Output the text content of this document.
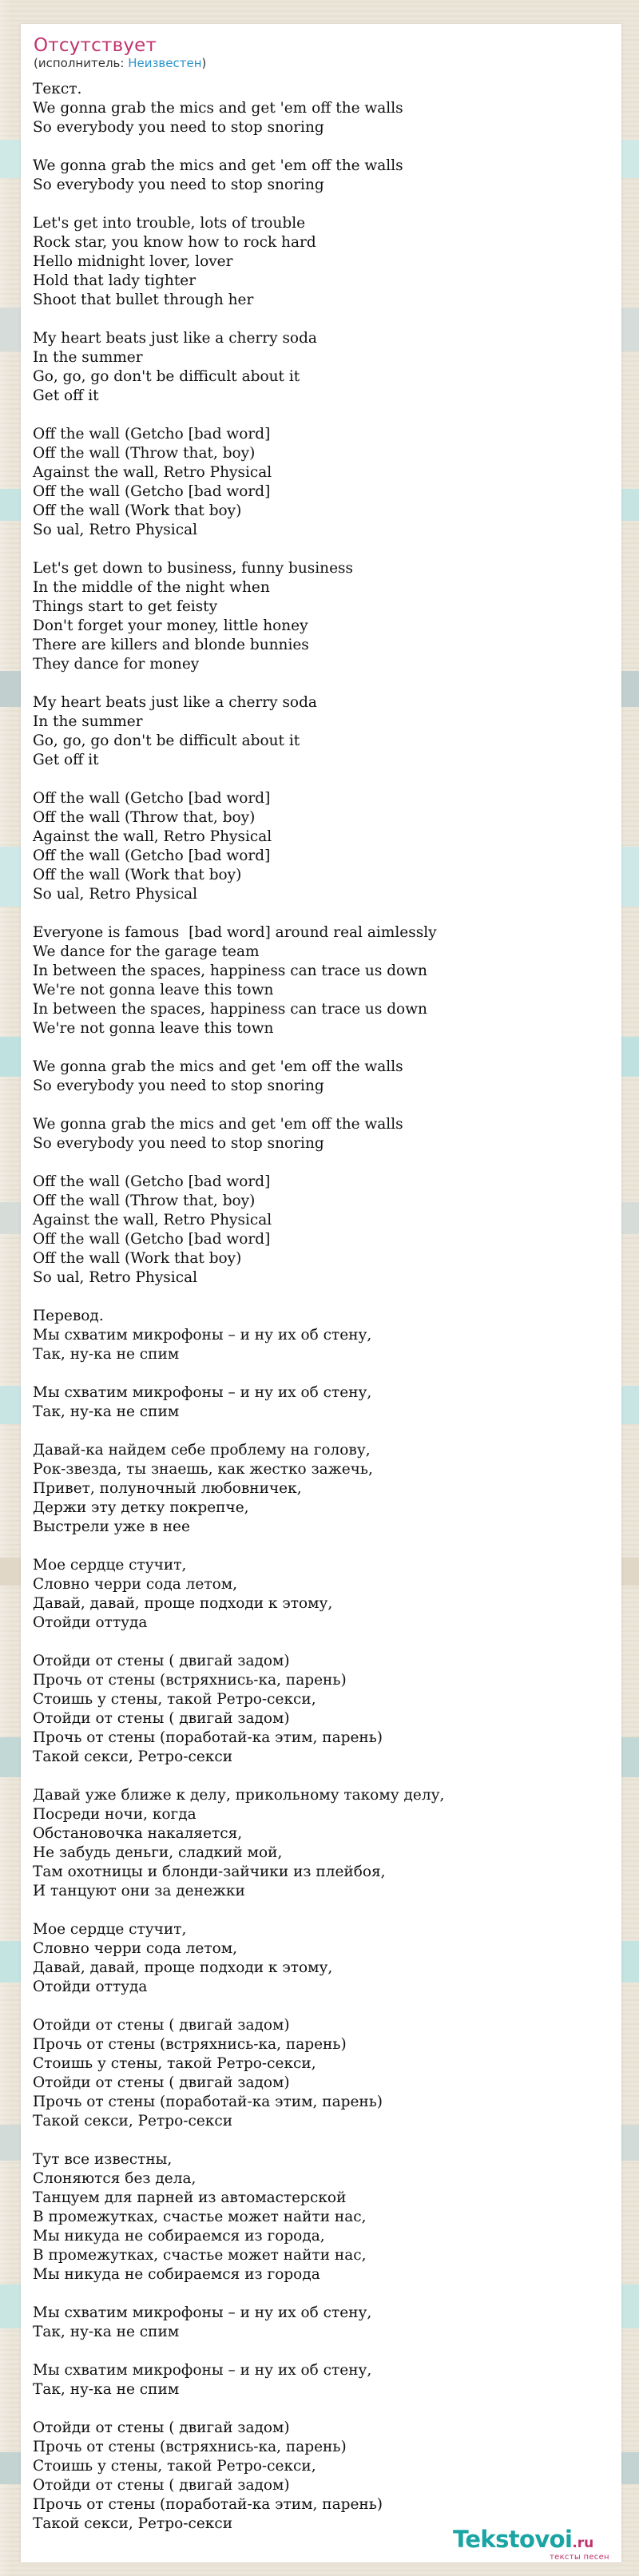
Отсутствует
(исполнитель: Неизвестен)
Текст.
We gonna grab the mics and get 'em off the walls
So everybody you need to stop snoring
We gonna grab the mics and get 'em off the walls
So everybody you need to stop snoring
Let's get into trouble, lots of trouble
Rock star, you know how to rock hard
Hello midnight lover, lover
Hold that lady tighter
Shoot that bullet through her
My heart beats just like a cherry soda
In the summer
Go, go, go don't be difficult about it
Get off it
Off the wall (Getcho [bad word]
Off the wall (Throw that, boy)
Against the wall, Retro Physical
Off the wall (Getcho [bad word]
Off the wall (Work that boy)
So ual, Retro Physical
Let's get down to business, funny business
In the middle of the night when
Things start to get feisty
Don't forget your money, little honey
There are killers and blonde bunnies
They dance for money
My heart beats just like a cherry soda
In the summer
Go, go, go don't be difficult about it
Get off it
Off the wall (Getcho [bad word]
Off the wall (Throw that, boy)
Against the wall, Retro Physical
Off the wall (Getcho [bad word]
Off the wall (Work that boy)
So ual, Retro Physical
Everyone is famous  [bad word] around real aimlessly
We dance for the garage team
In between the spaces, happiness can trace us down
We're not gonna leave this town
In between the spaces, happiness can trace us down
We're not gonna leave this town
We gonna grab the mics and get 'em off the walls
So everybody you need to stop snoring
We gonna grab the mics and get 'em off the walls
So everybody you need to stop snoring
Off the wall (Getcho [bad word]
Off the wall (Throw that, boy)
Against the wall, Retro Physical
Off the wall (Getcho [bad word]
Off the wall (Work that boy)
So ual, Retro Physical
Перевод.
Мы схватим микрофоны – и ну их об стену,
Так, ну-ка не спим
Мы схватим микрофоны – и ну их об стену,
Так, ну-ка не спим
Давай-ка найдем себе проблему на голову,
Рок-звезда, ты знаешь, как жестко зажечь,
Привет, полуночный любовничек,
Держи эту детку покрепче,
Выстрели уже в нее
Мое сердце стучит,
Словно черри сода летом,
Давай, давай, проще подходи к этому,
Отойди оттуда
Отойди от стены ( двигай задом)
Прочь от стены (встряхнись-ка, парень)
Стоишь у стены, такой Ретро-секси,
Отойди от стены ( двигай задом)
Прочь от стены (поработай-ка этим, парень)
Такой секси, Ретро-секси
Давай уже ближе к делу, прикольному такому делу,
Посреди ночи, когда
Обстановочка накаляется,
Не забудь деньги, сладкий мой,
Там охотницы и блонди-зайчики из плейбоя,
И танцуют они за денежки
Мое сердце стучит,
Словно черри сода летом,
Давай, давай, проще подходи к этому,
Отойди оттуда
Отойди от стены ( двигай задом)
Прочь от стены (встряхнись-ка, парень)
Стоишь у стены, такой Ретро-секси,
Отойди от стены ( двигай задом)
Прочь от стены (поработай-ка этим, парень)
Такой секси, Ретро-секси
Тут все известны,
Слоняются без дела,
Танцуем для парней из автомастерской
В промежутках, счастье может найти нас,
Мы никуда не собираемся из города,
В промежутках, счастье может найти нас,
Мы никуда не собираемся из города
Мы схватим микрофоны – и ну их об стену,
Так, ну-ка не спим
Мы схватим микрофоны – и ну их об стену,
Так, ну-ка не спим
Отойди от стены ( двигай задом)
Прочь от стены (встряхнись-ка, парень)
Стоишь у стены, такой Ретро-секси,
Отойди от стены ( двигай задом)
Прочь от стены (поработай-ка этим, парень)
Такой секси, Ретро-секси
Tekstovoi.ru
тексты песен
